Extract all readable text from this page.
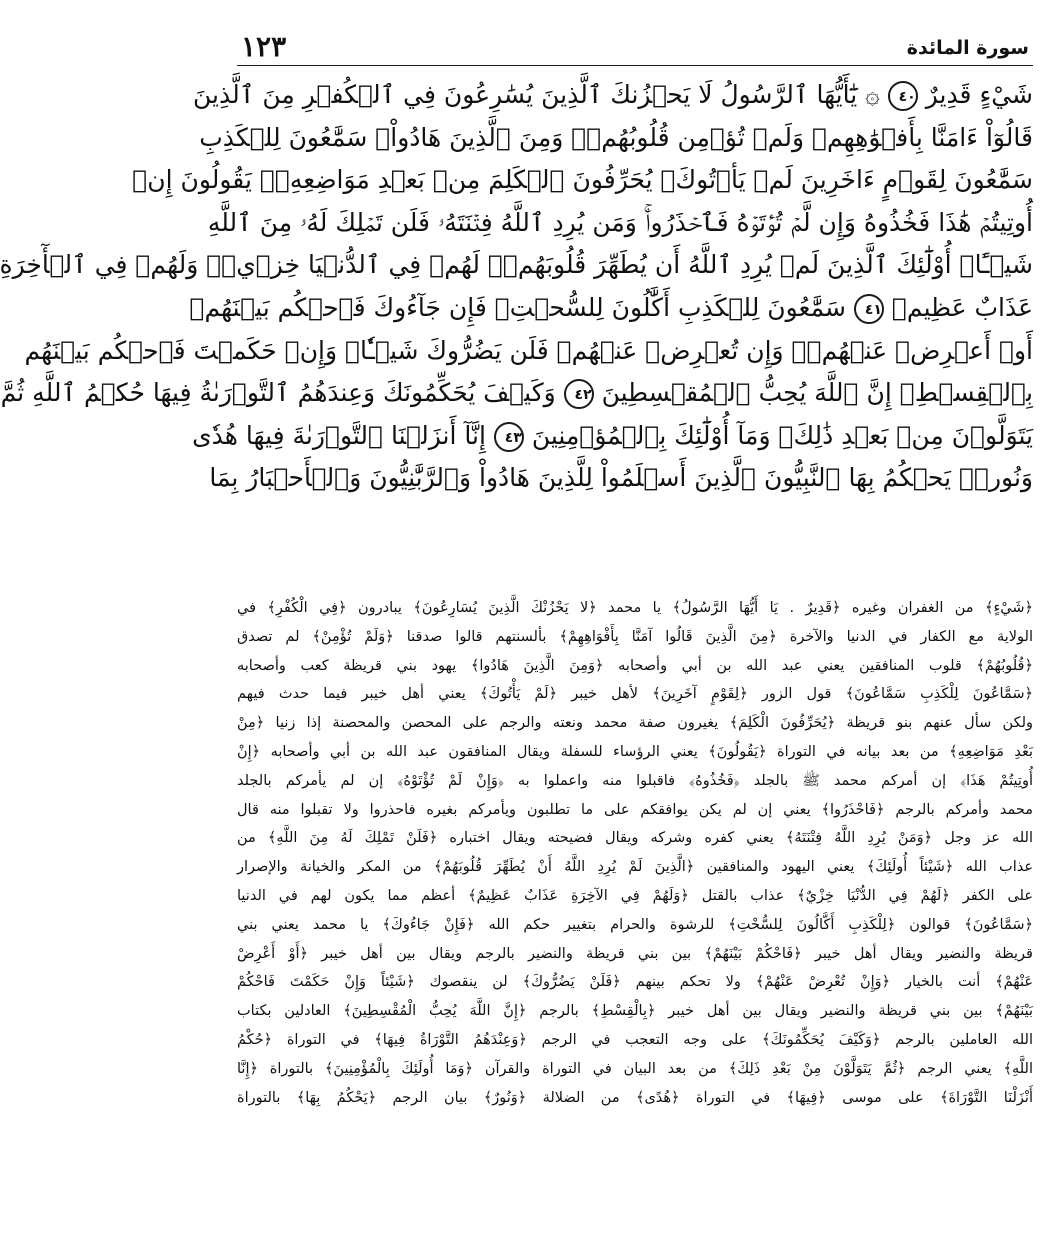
سورة المائدة
١٢٣
شَيْءٍ قَدِيرٌ ٤٠ ۞ يَٰٓأَيُّهَا ٱلرَّسُولُ لَا يَحۡزُنكَ ٱلَّذِينَ يُسَٰرِعُونَ فِي ٱلۡكُفۡرِ مِنَ ٱلَّذِينَ
قَالُوٓاْ ءَامَنَّا بِأَفۡوَٰهِهِمۡ وَلَمۡ تُؤۡمِن قُلُوبُهُمۡۛ وَمِنَ ٱلَّذِينَ هَادُواْۛ سَمَّٰعُونَ لِلۡكَذِبِ
سَمَّٰعُونَ لِقَوۡمٍ ءَاخَرِينَ لَمۡ يَأۡتُوكَۖ يُحَرِّفُونَ ٱلۡكَلِمَ مِنۢ بَعۡدِ مَوَاضِعِهِۦۖ يَقُولُونَ إِنۡ
أُوتِيتُمۡ هَٰذَا فَخُذُوهُ وَإِن لَّمۡ تُؤۡتَوۡهُ فَٱحۡذَرُواْۚ وَمَن يُرِدِ ٱللَّهُ فِتۡنَتَهُۥ فَلَن تَمۡلِكَ لَهُۥ مِنَ ٱللَّهِ
شَيۡـًٔاۚ أُوْلَٰٓئِكَ ٱلَّذِينَ لَمۡ يُرِدِ ٱللَّهُ أَن يُطَهِّرَ قُلُوبَهُمۡۚ لَهُمۡ فِي ٱلدُّنۡيَا خِزۡيٞۖ وَلَهُمۡ فِي ٱلۡأٓخِرَةِ
عَذَابٌ عَظِيمٞ ٤١ سَمَّٰعُونَ لِلۡكَذِبِ أَكَّٰلُونَ لِلسُّحۡتِۚ فَإِن جَآءُوكَ فَٱحۡكُم بَيۡنَهُمۡ
أَوۡ أَعۡرِضۡ عَنۡهُمۡۖ وَإِن تُعۡرِضۡ عَنۡهُمۡ فَلَن يَضُرُّوكَ شَيۡـٔٗاۖ وَإِنۡ حَكَمۡتَ فَٱحۡكُم بَيۡنَهُم
بِٱلۡقِسۡطِۚ إِنَّ ٱللَّهَ يُحِبُّ ٱلۡمُقۡسِطِينَ ٤٢ وَكَيۡفَ يُحَكِّمُونَكَ وَعِندَهُمُ ٱلتَّوۡرَىٰةُ فِيهَا حُكۡمُ ٱللَّهِ ثُمَّ
يَتَوَلَّوۡنَ مِنۢ بَعۡدِ ذَٰلِكَۚ وَمَآ أُوْلَٰٓئِكَ بِٱلۡمُؤۡمِنِينَ ٤٣ إِنَّآ أَنزَلۡنَا ٱلتَّوۡرَىٰةَ فِيهَا هُدٗى
وَنُورٞۚ يَحۡكُمُ بِهَا ٱلنَّبِيُّونَ ٱلَّذِينَ أَسۡلَمُواْ لِلَّذِينَ هَادُواْ وَٱلرَّبَّٰنِيُّونَ وَٱلۡأَحۡبَارُ بِمَا
﴿شَيْءٍ﴾ من الغفران وغيره ﴿قَدِيرٌ . يَا أَيُّهَا الرَّسُولُ﴾ يا محمد ﴿لا يَحْزُنْكَ الَّذِينَ يُسَارِعُونَ﴾ يبادرون ﴿فِي الْكُفْرِ﴾ في
الولاية مع الكفار في الدنيا والآخرة ﴿مِنَ الَّذِينَ قَالُوا آمَنَّا بِأَفْوَاهِهِمْ﴾ بألسنتهم قالوا صدقنا ﴿وَلَمْ تُؤْمِنْ﴾ لم تصدق
﴿قُلُوبُهُمْ﴾ قلوب المنافقين يعني عبد الله بن أبي وأصحابه ﴿وَمِنَ الَّذِينَ هَادُوا﴾ يهود بني قريظة كعب وأصحابه
﴿سَمَّاعُونَ لِلْكَذِبِ سَمَّاعُونَ﴾ قول الزور ﴿لِقَوْمٍ آخَرِينَ﴾ لأهل خيبر ﴿لَمْ يَأْتُوكَ﴾ يعني أهل خيبر فيما حدث فيهم
ولكن سأل عنهم بنو قريظة ﴿يُحَرِّفُونَ الْكَلِمَ﴾ يغيرون صفة محمد ونعته والرجم على المحصن والمحصنة إذا زنيا ﴿مِنْ
بَعْدِ مَوَاضِعِهِ﴾ من بعد بيانه في التوراة ﴿يَقُولُونَ﴾ يعني الرؤساء للسفلة ويقال المنافقون عبد الله بن أبي وأصحابه ﴿إِنْ
أُوتِيتُمْ هَذَا﴾ إن أمركم محمد ﷺ بالجلد ﴿فَخُذُوهُ﴾ فاقبلوا منه واعملوا به ﴿وَإِنْ لَمْ تُؤْتَوْهُ﴾ إن لم يأمركم بالجلد
محمد وأمركم بالرجم ﴿فَاحْذَرُوا﴾ يعني إن لم يكن يوافقكم على ما تطلبون ويأمركم بغيره فاحذروا ولا تقبلوا منه قال
الله عز وجل ﴿وَمَنْ يُرِدِ اللَّهُ فِتْنَتَهُ﴾ يعني كفره وشركه ويقال فضيحته ويقال اختباره ﴿فَلَنْ تَمْلِكَ لَهُ مِنَ اللَّهِ﴾ من
عذاب الله ﴿شَيْئاً أُولَئِكَ﴾ يعني اليهود والمنافقين ﴿الَّذِينَ لَمْ يُرِدِ اللَّهُ أَنْ يُطَهِّرَ قُلُوبَهُمْ﴾ من المكر والخيانة والإصرار
على الكفر ﴿لَهُمْ فِي الدُّنْيَا خِزْيٌ﴾ عذاب بالقتل ﴿وَلَهُمْ فِي الآخِرَةِ عَذَابٌ عَظِيمٌ﴾ أعظم مما يكون لهم في الدنيا
﴿سَمَّاعُونَ﴾ قوالون ﴿لِلْكَذِبِ أَكَّالُونَ لِلسُّحْتِ﴾ للرشوة والحرام بتغيير حكم الله ﴿فَإِنْ جَاءُوكَ﴾ يا محمد يعني بني
قريظة والنضير ويقال أهل خيبر ﴿فَاحْكُمْ بَيْنَهُمْ﴾ بين بني قريظة والنضير بالرجم ويقال بين أهل خيبر ﴿أَوْ أَعْرِضْ
عَنْهُمْ﴾ أنت بالخيار ﴿وَإِنْ تُعْرِضْ عَنْهُمْ﴾ ولا تحكم بينهم ﴿فَلَنْ يَضُرُّوكَ﴾ لن ينقصوك ﴿شَيْئاً وَإِنْ حَكَمْتَ فَاحْكُمْ
بَيْنَهُمْ﴾ بين بني قريظة والنضير ويقال بين أهل خيبر ﴿بِالْقِسْطِ﴾ بالرجم ﴿إِنَّ اللَّهَ يُحِبُّ الْمُقْسِطِينَ﴾ العادلين بكتاب
الله العاملين بالرجم ﴿وَكَيْفَ يُحَكِّمُونَكَ﴾ على وجه التعجب في الرجم ﴿وَعِنْدَهُمُ التَّوْرَاةُ فِيهَا﴾ في التوراة ﴿حُكْمُ
اللَّهِ﴾ يعني الرجم ﴿ثُمَّ يَتَوَلَّوْنَ مِنْ بَعْدِ ذَلِكَ﴾ من بعد البيان في التوراة والقرآن ﴿وَمَا أُولَئِكَ بِالْمُؤْمِنِينَ﴾ بالتوراة ﴿إِنَّا
أَنْزَلْنَا التَّوْرَاةَ﴾ على موسى ﴿فِيهَا﴾ في التوراة ﴿هُدًى﴾ من الضلالة ﴿وَنُورٌ﴾ بيان الرجم ﴿يَحْكُمُ بِهَا﴾ بالتوراة
